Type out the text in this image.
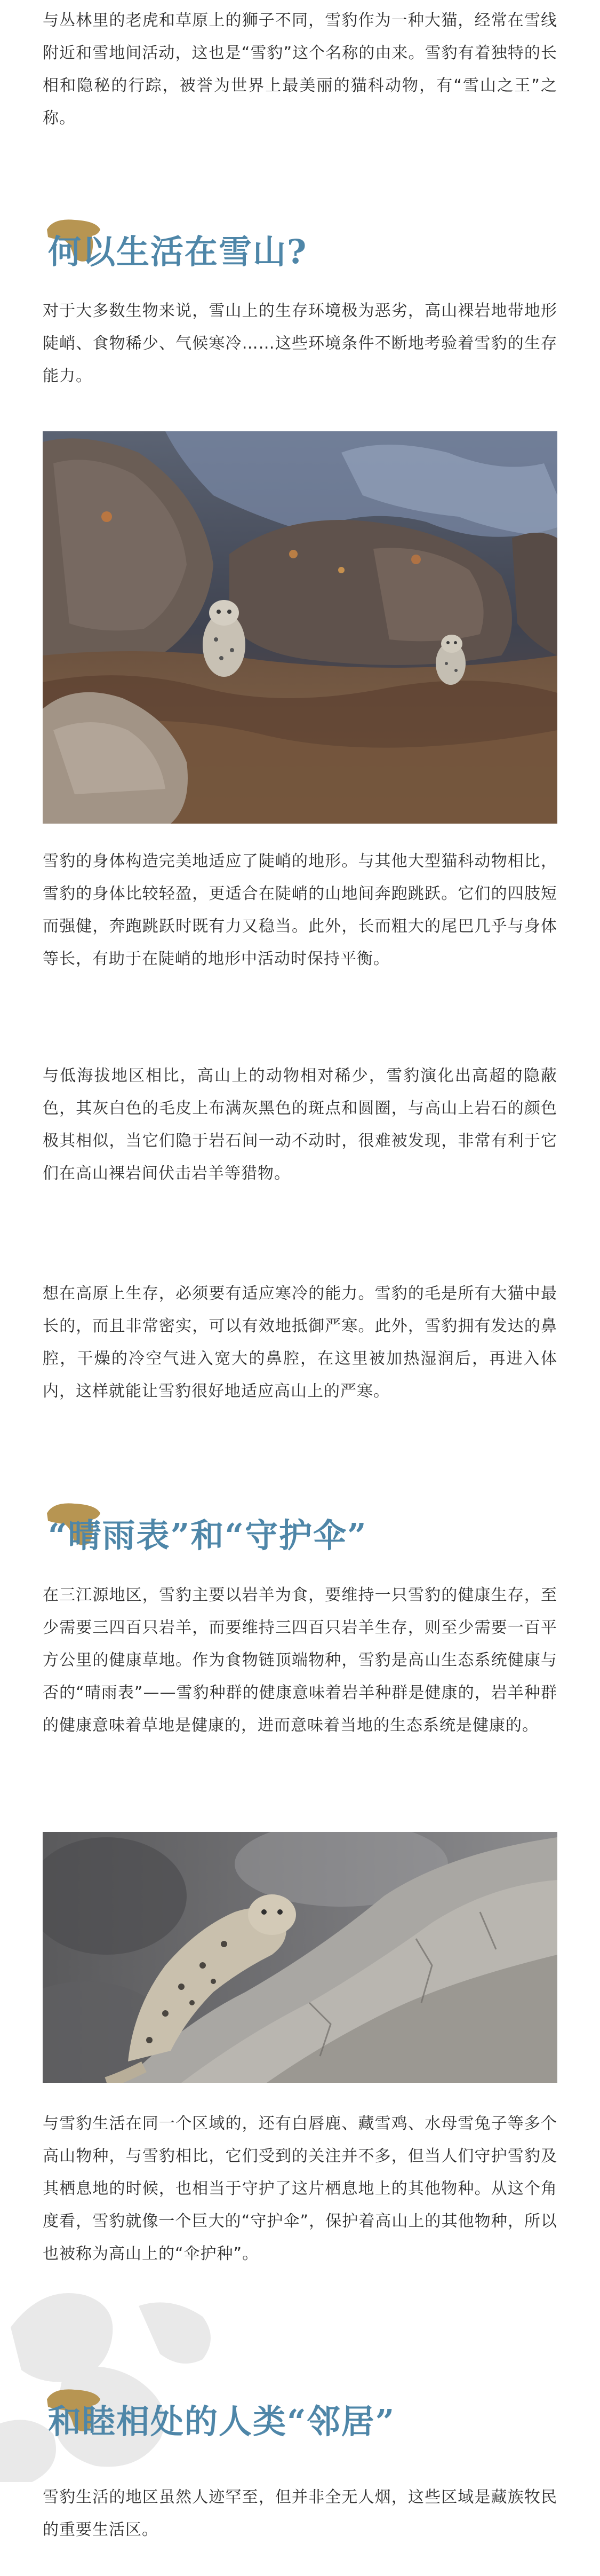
与丛林里的老虎和草原上的狮子不同，雪豹作为一种大猫，经常在雪线附近和雪地间活动，这也是“雪豹”这个名称的由来。雪豹有着独特的长相和隐秘的行踪，被誉为世界上最美丽的猫科动物，有“雪山之王”之称。

何以生活在雪山?

对于大多数生物来说，雪山上的生存环境极为恶劣，高山裸岩地带地形陡峭、食物稀少、气候寒冷……这些环境条件不断地考验着雪豹的生存能力。

雪豹的身体构造完美地适应了陡峭的地形。与其他大型猫科动物相比，雪豹的身体比较轻盈，更适合在陡峭的山地间奔跑跳跃。它们的四肢短而强健，奔跑跳跃时既有力又稳当。此外，长而粗大的尾巴几乎与身体等长，有助于在陡峭的地形中活动时保持平衡。

与低海拔地区相比，高山上的动物相对稀少，雪豹演化出高超的隐蔽色，其灰白色的毛皮上布满灰黑色的斑点和圆圈，与高山上岩石的颜色极其相似，当它们隐于岩石间一动不动时，很难被发现，非常有利于它们在高山裸岩间伏击岩羊等猎物。

想在高原上生存，必须要有适应寒冷的能力。雪豹的毛是所有大猫中最长的，而且非常密实，可以有效地抵御严寒。此外，雪豹拥有发达的鼻腔，干燥的冷空气进入宽大的鼻腔，在这里被加热湿润后，再进入体内，这样就能让雪豹很好地适应高山上的严寒。

“晴雨表”和“守护伞”

在三江源地区，雪豹主要以岩羊为食，要维持一只雪豹的健康生存，至少需要三四百只岩羊，而要维持三四百只岩羊生存，则至少需要一百平方公里的健康草地。作为食物链顶端物种，雪豹是高山生态系统健康与否的“晴雨表”——雪豹种群的健康意味着岩羊种群是健康的，岩羊种群的健康意味着草地是健康的，进而意味着当地的生态系统是健康的。

与雪豹生活在同一个区域的，还有白唇鹿、藏雪鸡、水母雪兔子等多个高山物种，与雪豹相比，它们受到的关注并不多，但当人们守护雪豹及其栖息地的时候，也相当于守护了这片栖息地上的其他物种。从这个角度看，雪豹就像一个巨大的“守护伞”，保护着高山上的其他物种，所以也被称为高山上的“伞护种”。

和睦相处的人类“邻居”

雪豹生活的地区虽然人迹罕至，但并非全无人烟，这些区域是藏族牧民的重要生活区。
